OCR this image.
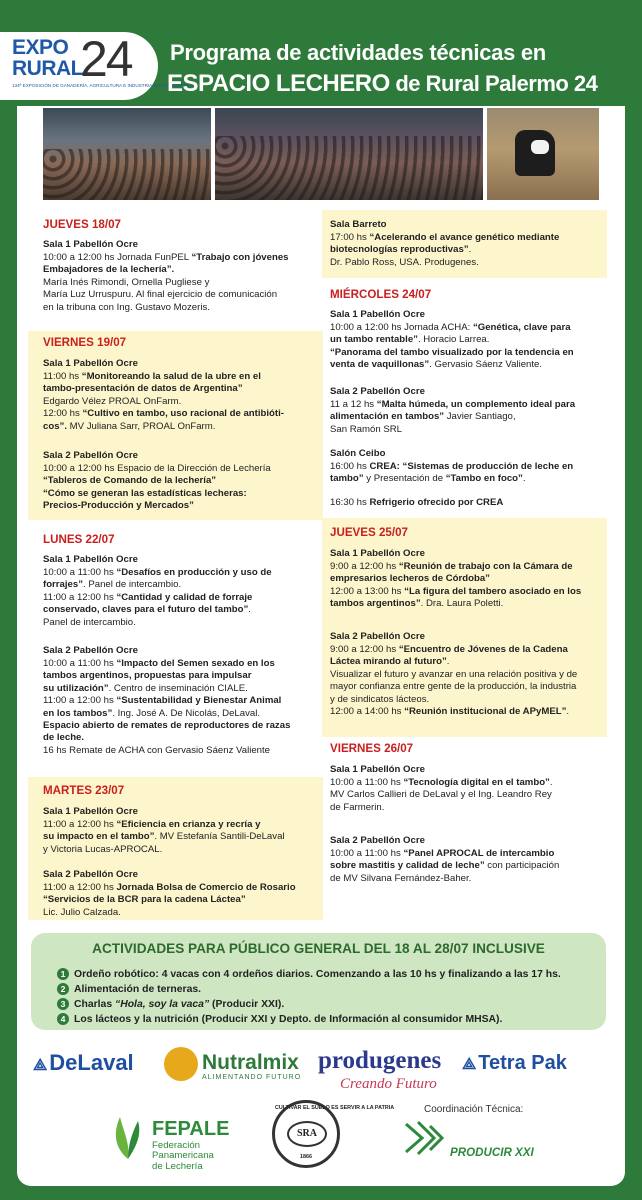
EXPO
RURAL
24
134ª EXPOSICIÓN DE GANADERÍA, AGRICULTURA E INDUSTRIA INTERNACIONAL
Programa de actividades técnicas en
ESPACIO LECHERO de Rural Palermo 24
JUEVES 18/07
Sala 1 Pabellón Ocre
10:00 a 12:00 hs Jornada FunPEL “Trabajo con jóvenes
Embajadores de la lechería”.
María Inés Rimondi, Ornella Pugliese y
María Luz Urruspuru. Al final ejercicio de comunicación
en la tribuna con Ing. Gustavo Mozeris.
VIERNES 19/07
Sala 1 Pabellón Ocre
11:00 hs “Monitoreando la salud de la ubre en el
tambo-presentación de datos de Argentina”
Edgardo Vélez PROAL OnFarm.
12:00 hs “Cultivo en tambo, uso racional de antibióti-
cos”. MV Juliana Sarr, PROAL OnFarm.
Sala 2 Pabellón Ocre
10:00 a 12:00 hs Espacio de la Dirección de Lechería
“Tableros de Comando de la lechería”
“Cómo se generan las estadísticas lecheras:
Precios-Producción y Mercados”
LUNES 22/07
Sala 1 Pabellón Ocre
10:00 a 11:00 hs “Desafíos en producción y uso de
forrajes”. Panel de intercambio.
11:00 a 12:00 hs “Cantidad y calidad de forraje
conservado, claves para el futuro del tambo”.
Panel de intercambio.
Sala 2 Pabellón Ocre
10:00 a 11:00 hs “Impacto del Semen sexado en los
tambos argentinos, propuestas para impulsar
su utilización”. Centro de inseminación CIALE.
11:00 a 12:00 hs “Sustentabilidad y Bienestar Animal
en los tambos”. Ing. José A. De Nicolás, DeLaval.
Espacio abierto de remates de reproductores de razas
de leche.
16 hs Remate de ACHA con Gervasio Sáenz Valiente
MARTES 23/07
Sala 1 Pabellón Ocre
11:00 a 12:00 hs “Eficiencia en crianza y recría y
su impacto en el tambo”. MV Estefanía Santili-DeLaval
y Victoria Lucas-APROCAL.
Sala 2 Pabellón Ocre
11:00 a 12:00 hs Jornada Bolsa de Comercio de Rosario
“Servicios de la BCR para la cadena Láctea”
Lic. Julio Calzada.
Sala Barreto
17:00 hs “Acelerando el avance genético mediante
biotecnologías reproductivas”.
Dr. Pablo Ross, USA. Produgenes.
MIÉRCOLES 24/07
Sala 1 Pabellón Ocre
10:00 a 12:00 hs Jornada ACHA: “Genética, clave para
un tambo rentable”. Horacio Larrea.
“Panorama del tambo visualizado por la tendencia en
venta de vaquillonas”. Gervasio Sáenz Valiente.
Sala 2 Pabellón Ocre
11 a 12 hs “Malta húmeda, un complemento ideal para
alimentación en tambos” Javier Santiago,
San Ramón SRL
Salón Ceibo
16:00 hs CREA: “Sistemas de producción de leche en
tambo” y Presentación de “Tambo en foco”.
16:30 hs Refrigerio ofrecido por CREA
JUEVES 25/07
Sala 1 Pabellón Ocre
9:00 a 12:00 hs “Reunión de trabajo con la Cámara de
empresarios lecheros de Córdoba”
12:00 a 13:00 hs “La figura del tambero asociado en los
tambos argentinos”. Dra. Laura Poletti.
Sala 2 Pabellón Ocre
9:00 a 12:00 hs “Encuentro de Jóvenes de la Cadena
Láctea mirando al futuro”.
Visualizar el futuro y avanzar en una relación positiva y de
mayor confianza entre gente de la producción, la industria
y de sindicatos lácteos.
12:00 a 14:00 hs “Reunión institucional de APyMEL”.
VIERNES 26/07
Sala 1 Pabellón Ocre
10:00 a 11:00 hs “Tecnología digital en el tambo”.
MV Carlos Callieri de DeLaval y el Ing. Leandro Rey
de Farmerin.
Sala 2 Pabellón Ocre
10:00 a 11:00 hs “Panel APROCAL de intercambio
sobre mastitis y calidad de leche” con participación
de MV Silvana Fernández-Baher.
ACTIVIDADES PARA PÚBLICO GENERAL DEL 18 AL 28/07 INCLUSIVE
1 Ordeño robótico: 4 vacas con 4 ordeños diarios. Comenzando a las 10 hs y finalizando a las 17 hs.
2 Alimentación de terneras.
3 Charlas “Hola, soy la vaca” (Producir XXI).
4 Los lácteos y la nutrición (Producir XXI y Depto. de Información al consumidor MHSA).
⟁DeLaval	Nutralmix
ALIMENTANDO FUTURO
produgenes
Creando Futuro
⟁ Tetra Pak
FEPALE
Federación
Panamericana
de Lechería
CULTIVAR EL SUELO ES SERVIR A LA PATRIA
SRA
1866
Coordinación Técnica:
PRODUCIR XXI
